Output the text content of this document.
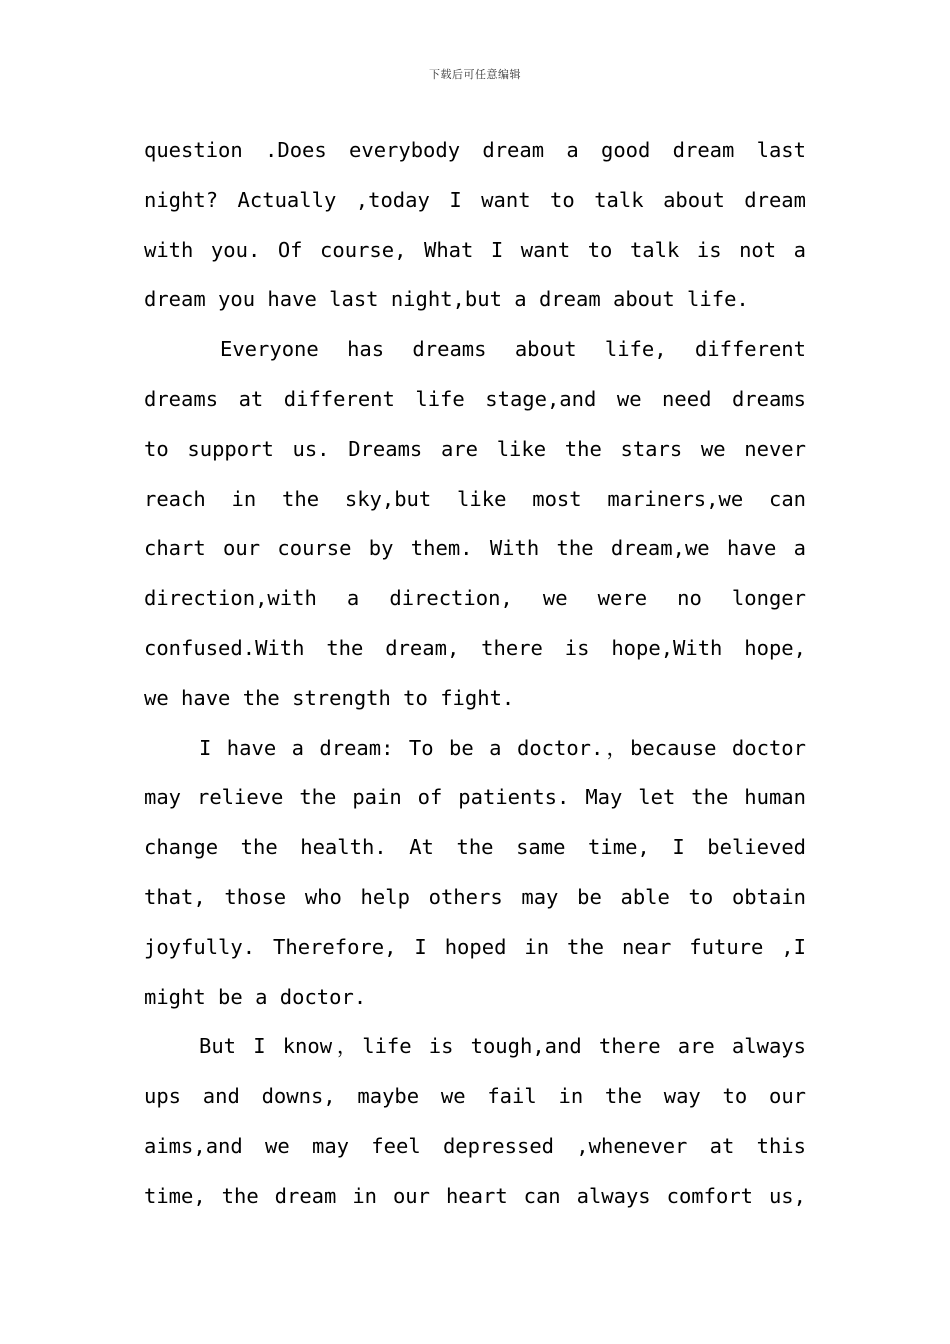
下载后可任意编辑
question .Does everybody dream a good dream last
night? Actually ,today I want to talk about dream
with you. Of course, What I want to talk is not a
dream you have last night,but a dream about life.
Everyone has dreams about life, different
dreams at different life stage,and we need dreams
to support us. Dreams are like the stars we never
reach in the sky,but like most mariners,we can
chart our course by them. With the dream,we have a
direction,with a direction, we were no longer
confused.With the dream, there is hope,With hope,
we have the strength to fight.
I have a dream: To be a doctor.，because doctor
may relieve the pain of patients. May let the human
change the health. At the same time, I believed
that, those who help others may be able to obtain
joyfully. Therefore, I hoped in the near future ,I
might be a doctor.
But I know，life is tough,and there are always
ups and downs, maybe we fail in the way to our
aims,and we may feel depressed ,whenever at this
time, the dream in our heart can always comfort us,
